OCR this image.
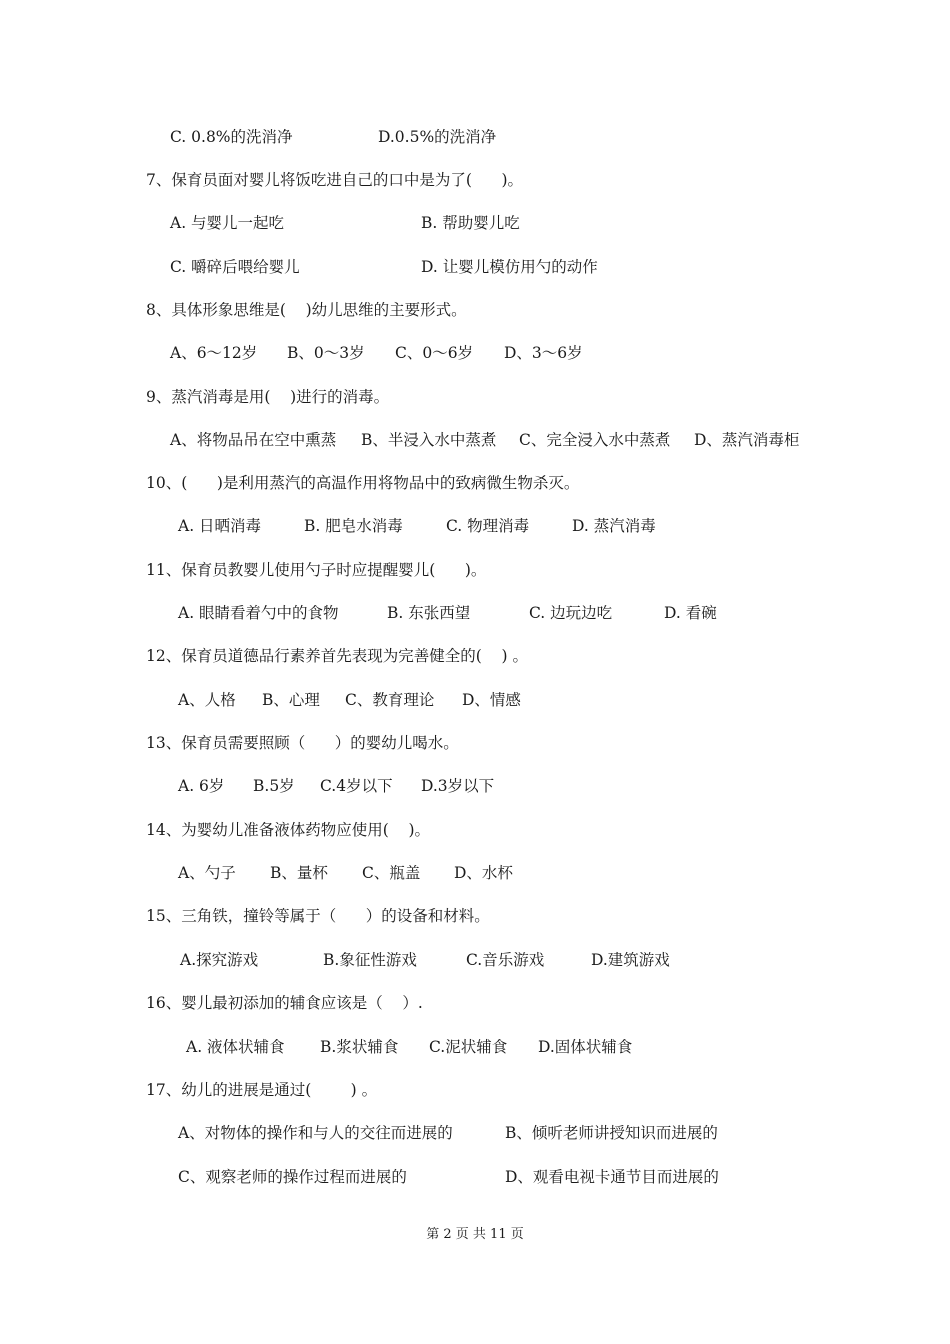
C. 0.8%的洗消净	D.0.5%的洗消净
7、保育员面对婴儿将饭吃进自己的口中是为了(      )。
A. 与婴儿一起吃	B. 帮助婴儿吃
C. 嚼碎后喂给婴儿	D. 让婴儿模仿用勺的动作
8、具体形象思维是(    )幼儿思维的主要形式。
A、6～12岁 B、0～3岁 C、0～6岁 D、3～6岁
9、蒸汽消毒是用(    )进行的消毒。
A、将物品吊在空中熏蒸 B、半浸入水中蒸煮 C、完全浸入水中蒸煮 D、蒸汽消毒柜
10、(      )是利用蒸汽的高温作用将物品中的致病微生物杀灭。
A. 日晒消毒	B. 肥皂水消毒	C. 物理消毒	D. 蒸汽消毒
11、保育员教婴儿使用勺子时应提醒婴儿(      )。
A. 眼睛看着勺中的食物	B. 东张西望	C. 边玩边吃	D. 看碗
12、保育员道德品行素养首先表现为完善健全的(    ) 。
A、人格 B、心理 C、教育理论 D、情感
13、保育员需要照顾（      ）的婴幼儿喝水。
A. 6岁 B.5岁 C.4岁以下 D.3岁以下
14、为婴幼儿准备液体药物应使用(    )。
A、勺子 B、量杯 C、瓶盖 D、水杯
15、三角铁，撞铃等属于（      ）的设备和材料。
A.探究游戏	B.象征性游戏	C.音乐游戏	D.建筑游戏
16、婴儿最初添加的辅食应该是（    ）.
A. 液体状辅食 B.浆状辅食 C.泥状辅食 D.固体状辅食
17、幼儿的进展是通过(        ) 。
A、对物体的操作和与人的交往而进展的	B、倾听老师讲授知识而进展的
C、观察老师的操作过程而进展的	D、观看电视卡通节目而进展的
第 2 页 共 11 页
